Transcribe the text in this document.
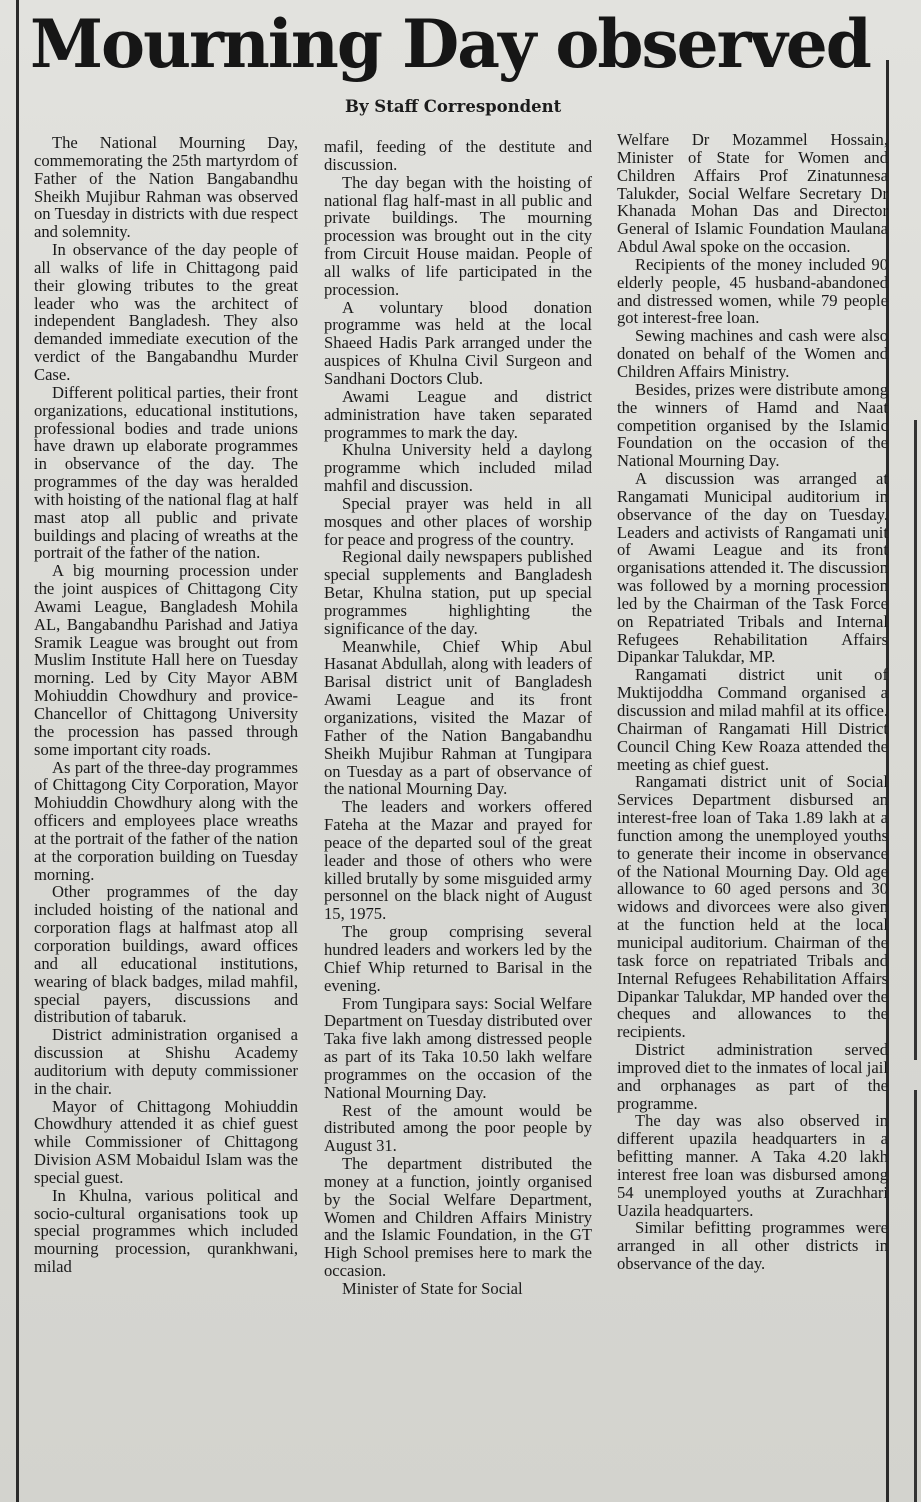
Mourning Day observed
By Staff Correspondent

The National Mourning Day, commemorating the 25th martyrdom of Father of the Nation Bangabandhu Sheikh Mujibur Rahman was observed on Tuesday in districts with due respect and solemnity.

In observance of the day people of all walks of life in Chittagong paid their glowing tributes to the great leader who was the architect of independent Bangladesh. They also demanded immediate execution of the verdict of the Bangabandhu Murder Case.

Different political parties, their front organizations, educational institutions, professional bodies and trade unions have drawn up elaborate programmes in observance of the day. The programmes of the day was heralded with hoisting of the national flag at half mast atop all public and private buildings and placing of wreaths at the portrait of the father of the nation.

A big mourning procession under the joint auspices of Chittagong City Awami League, Bangladesh Mohila AL, Bangabandhu Parishad and Jatiya Sramik League was brought out from Muslim Institute Hall here on Tuesday morning. Led by City Mayor ABM Mohiuddin Chowdhury and provice-Chancellor of Chittagong University the procession has passed through some important city roads.

As part of the three-day programmes of Chittagong City Corporation, Mayor Mohiuddin Chowdhury along with the officers and employees place wreaths at the portrait of the father of the nation at the corporation building on Tuesday morning.

Other programmes of the day included hoisting of the national and corporation flags at halfmast atop all corporation buildings, award offices and all educational institutions, wearing of black badges, milad mahfil, special payers, discussions and distribution of tabaruk.

District administration organised a discussion at Shishu Academy auditorium with deputy commissioner in the chair.

Mayor of Chittagong Mohiuddin Chowdhury attended it as chief guest while Commissioner of Chittagong Division ASM Mobaidul Islam was the special guest.

In Khulna, various political and socio-cultural organisations took up special programmes which included mourning procession, qurankhwani, milad

mafil, feeding of the destitute and discussion.

The day began with the hoisting of national flag half-mast in all public and private buildings. The mourning procession was brought out in the city from Circuit House maidan. People of all walks of life participated in the procession.

A voluntary blood donation programme was held at the local Shaeed Hadis Park arranged under the auspices of Khulna Civil Surgeon and Sandhani Doctors Club.

Awami League and district administration have taken separated programmes to mark the day.

Khulna University held a daylong programme which included milad mahfil and discussion.

Special prayer was held in all mosques and other places of worship for peace and progress of the country.

Regional daily newspapers published special supplements and Bangladesh Betar, Khulna station, put up special programmes highlighting the significance of the day.

Meanwhile, Chief Whip Abul Hasanat Abdullah, along with leaders of Barisal district unit of Bangladesh Awami League and its front organizations, visited the Mazar of Father of the Nation Bangabandhu Sheikh Mujibur Rahman at Tungipara on Tuesday as a part of observance of the national Mourning Day.

The leaders and workers offered Fateha at the Mazar and prayed for peace of the departed soul of the great leader and those of others who were killed brutally by some misguided army personnel on the black night of August 15, 1975.

The group comprising several hundred leaders and workers led by the Chief Whip returned to Barisal in the evening.

From Tungipara says: Social Welfare Department on Tuesday distributed over Taka five lakh among distressed people as part of its Taka 10.50 lakh welfare programmes on the occasion of the National Mourning Day.

Rest of the amount would be distributed among the poor people by August 31.

The department distributed the money at a function, jointly organised by the Social Welfare Department, Women and Children Affairs Ministry and the Islamic Foundation, in the GT High School premises here to mark the occasion.

Minister of State for Social

Welfare Dr Mozammel Hossain, Minister of State for Women and Children Affairs Prof Zinatunnesa Talukder, Social Welfare Secretary Dr Khanada Mohan Das and Director General of Islamic Foundation Maulana Abdul Awal spoke on the occasion.

Recipients of the money included 90 elderly people, 45 husband-abandoned and distressed women, while 79 people got interest-free loan.

Sewing machines and cash were also donated on behalf of the Women and Children Affairs Ministry.

Besides, prizes were distribute among the winners of Hamd and Naat competition organised by the Islamic Foundation on the occasion of the National Mourning Day.

A discussion was arranged at Rangamati Municipal auditorium in observance of the day on Tuesday. Leaders and activists of Rangamati unit of Awami League and its front organisations attended it. The discussion was followed by a morning procession led by the Chairman of the Task Force on Repatriated Tribals and Internal Refugees Rehabilitation Affairs Dipankar Talukdar, MP.

Rangamati district unit of Muktijoddha Command organised a discussion and milad mahfil at its office. Chairman of Rangamati Hill District Council Ching Kew Roaza attended the meeting as chief guest.

Rangamati district unit of Social Services Department disbursed an interest-free loan of Taka 1.89 lakh at a function among the unemployed youths to generate their income in observance of the National Mourning Day. Old age allowance to 60 aged persons and 30 widows and divorcees were also given at the function held at the local municipal auditorium. Chairman of the task force on repatriated Tribals and Internal Refugees Rehabilitation Affairs Dipankar Talukdar, MP handed over the cheques and allowances to the recipients.

District administration served improved diet to the inmates of local jail and orphanages as part of the programme.

The day was also observed in different upazila headquarters in a befitting manner. A Taka 4.20 lakh interest free loan was disbursed among 54 unemployed youths at Zurachhari Uazila headquarters.

Similar befitting programmes were arranged in all other districts in observance of the day.
